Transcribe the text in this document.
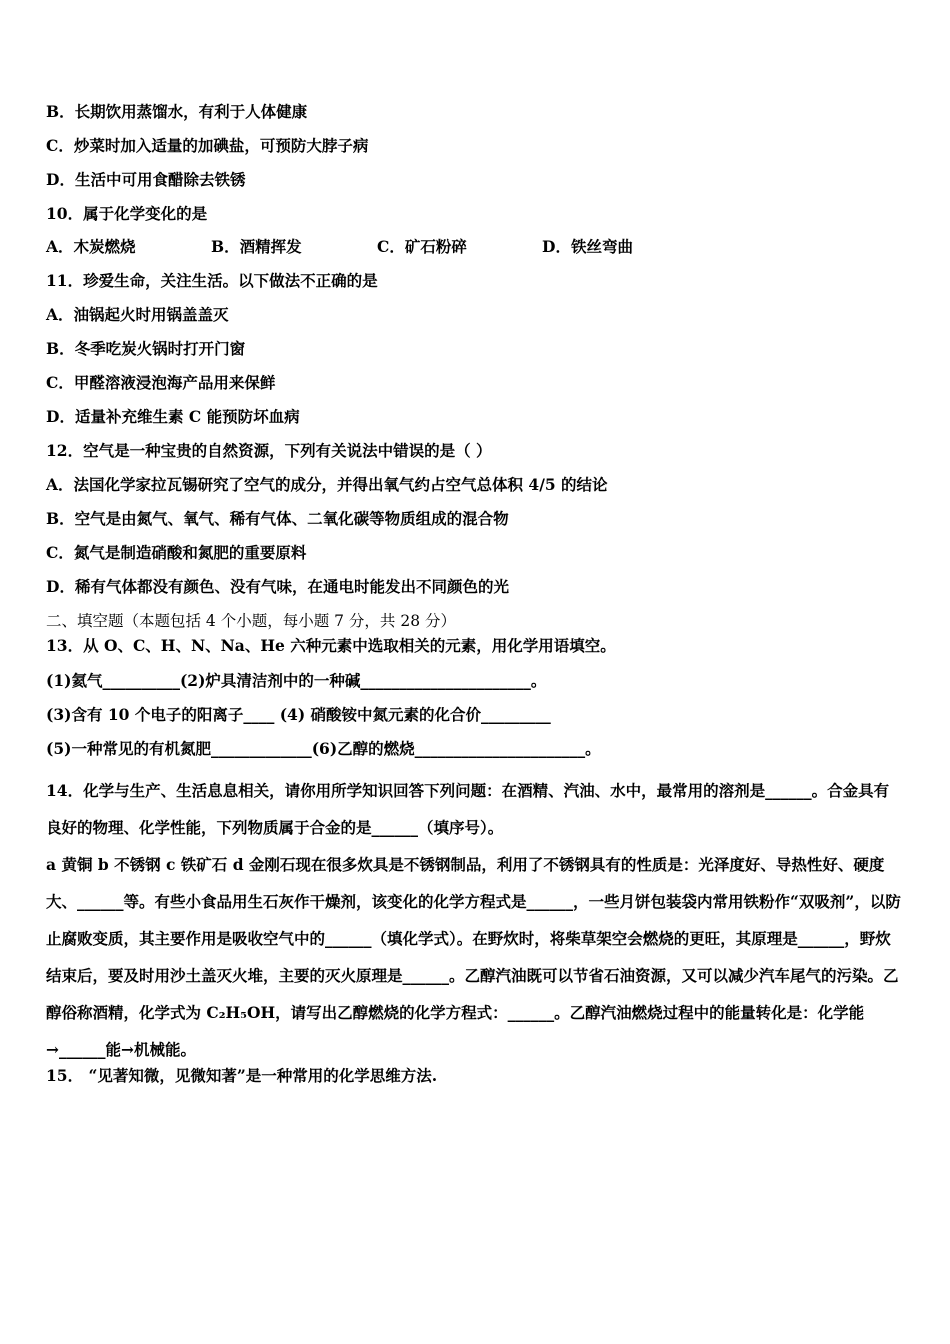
B．长期饮用蒸馏水，有利于人体健康
C．炒菜时加入适量的加碘盐，可预防大脖子病
D．生活中可用食醋除去铁锈
10．属于化学变化的是
A．木炭燃烧	B．酒精挥发	C．矿石粉碎	D．铁丝弯曲
11．珍爱生命，关注生活。以下做法不正确的是
A．油锅起火时用锅盖盖灭
B．冬季吃炭火锅时打开门窗
C．甲醛溶液浸泡海产品用来保鲜
D．适量补充维生素 C 能预防坏血病
12．空气是一种宝贵的自然资源，下列有关说法中错误的是（ ）
A．法国化学家拉瓦锡研究了空气的成分，并得出氧气约占空气总体积 4/5 的结论
B．空气是由氮气、氧气、稀有气体、二氧化碳等物质组成的混合物
C．氮气是制造硝酸和氮肥的重要原料
D．稀有气体都没有颜色、没有气味，在通电时能发出不同颜色的光
二、填空题（本题包括 4 个小题，每小题 7 分，共 28 分）
13．从 O、C、H、N、Na、He 六种元素中选取相关的元素，用化学用语填空。
(1)氦气__________(2)炉具清洁剂中的一种碱______________________。
(3)含有 10 个电子的阳离子____ (4) 硝酸铵中氮元素的化合价_________
(5)一种常见的有机氮肥_____________(6)乙醇的燃烧______________________。
14．化学与生产、生活息息相关，请你用所学知识回答下列问题：在酒精、汽油、水中，最常用的溶剂是______。合金具有良好的物理、化学性能，下列物质属于合金的是______（填序号）。
a 黄铜 b 不锈钢 c 铁矿石 d 金刚石现在很多炊具是不锈钢制品，利用了不锈钢具有的性质是：光泽度好、导热性好、硬度大、______等。有些小食品用生石灰作干燥剂，该变化的化学方程式是______，一些月饼包装袋内常用铁粉作“双吸剂”，以防止腐败变质，其主要作用是吸收空气中的______（填化学式）。在野炊时，将柴草架空会燃烧的更旺，其原理是______，野炊结束后，要及时用沙土盖灭火堆，主要的灭火原理是______。乙醇汽油既可以节省石油资源，又可以减少汽车尾气的污染。乙醇俗称酒精，化学式为 C₂H₅OH，请写出乙醇燃烧的化学方程式：______。乙醇汽油燃烧过程中的能量转化是：化学能→______能→机械能。
15． “见著知微，见微知著”是一种常用的化学思维方法.
